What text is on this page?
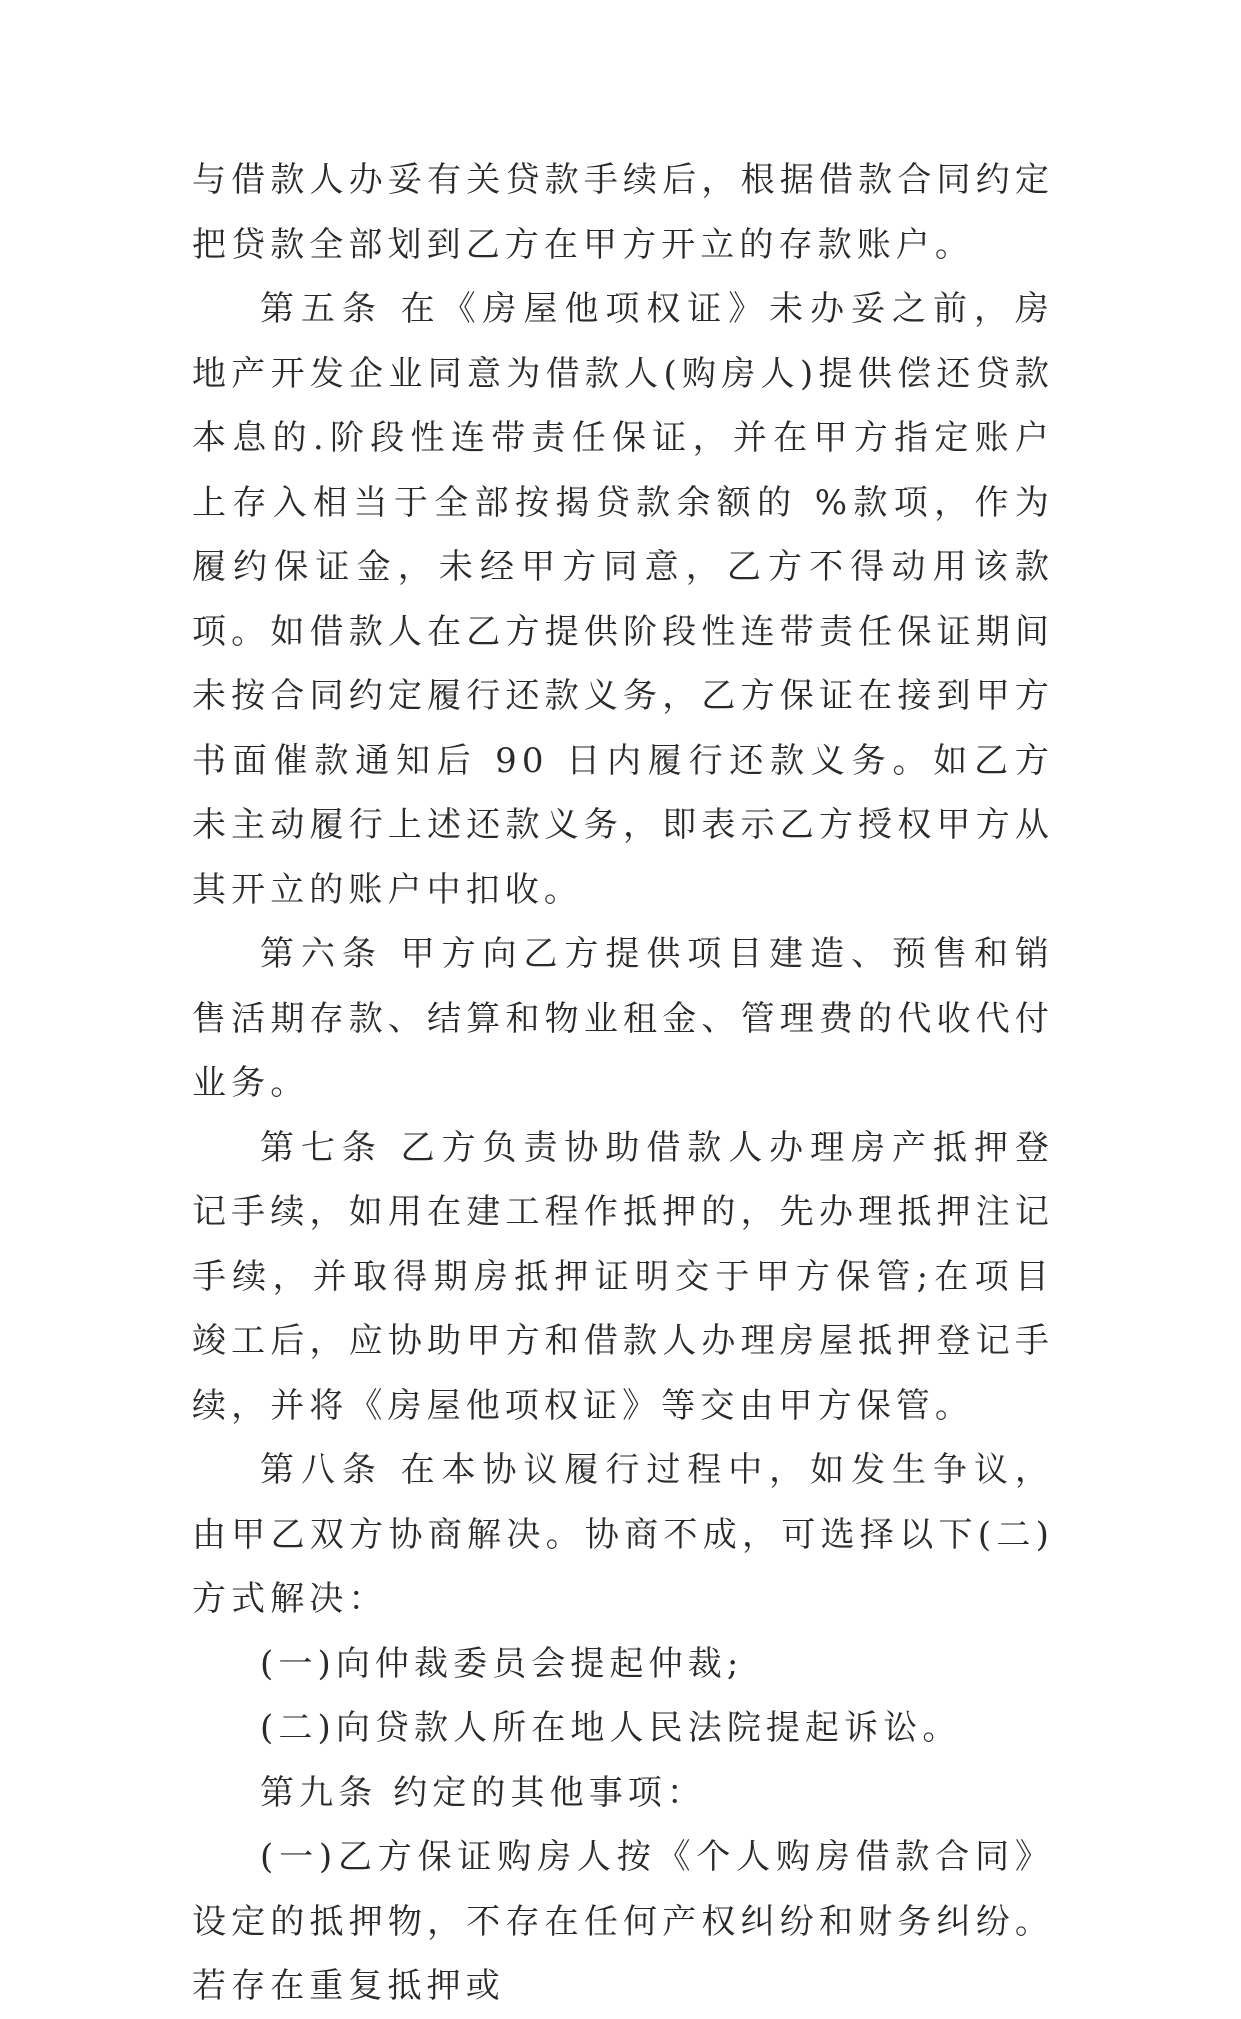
与借款人办妥有关贷款手续后，根据借款合同约定把贷款全部划到乙方在甲方开立的存款账户。

第五条 在《房屋他项权证》未办妥之前，房地产开发企业同意为借款人(购房人)提供偿还贷款本息的.阶段性连带责任保证，并在甲方指定账户上存入相当于全部按揭贷款余额的 %款项，作为履约保证金，未经甲方同意，乙方不得动用该款项。如借款人在乙方提供阶段性连带责任保证期间未按合同约定履行还款义务，乙方保证在接到甲方书面催款通知后 90 日内履行还款义务。如乙方未主动履行上述还款义务，即表示乙方授权甲方从其开立的账户中扣收。

第六条 甲方向乙方提供项目建造、预售和销售活期存款、结算和物业租金、管理费的代收代付业务。

第七条 乙方负责协助借款人办理房产抵押登记手续，如用在建工程作抵押的，先办理抵押注记手续，并取得期房抵押证明交于甲方保管;在项目竣工后，应协助甲方和借款人办理房屋抵押登记手续，并将《房屋他项权证》等交由甲方保管。

第八条 在本协议履行过程中，如发生争议，由甲乙双方协商解决。协商不成，可选择以下(二)方式解决：

(一)向仲裁委员会提起仲裁;

(二)向贷款人所在地人民法院提起诉讼。

第九条 约定的其他事项：

(一)乙方保证购房人按《个人购房借款合同》设定的抵押物，不存在任何产权纠纷和财务纠纷。若存在重复抵押或
